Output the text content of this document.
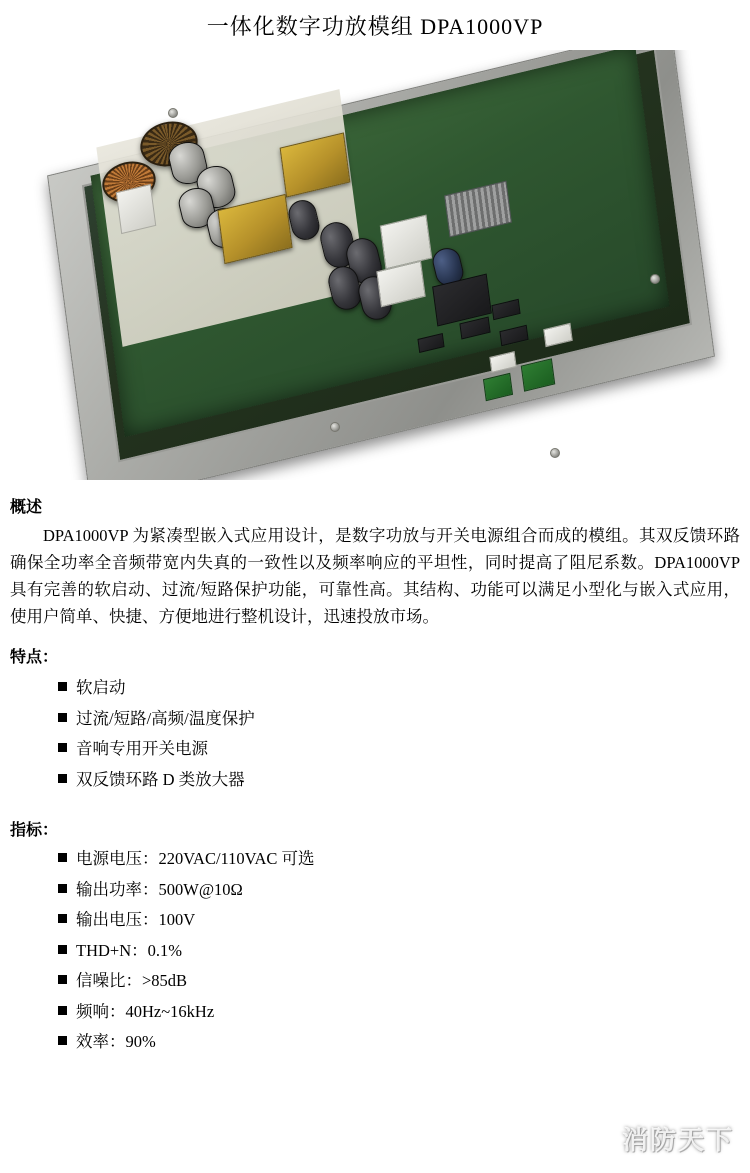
一体化数字功放模组 DPA1000VP
概述

DPA1000VP 为紧凑型嵌入式应用设计，是数字功放与开关电源组合而成的模组。其双反馈环路确保全功率全音频带宽内失真的一致性以及频率响应的平坦性，同时提高了阻尼系数。DPA1000VP 具有完善的软启动、过流/短路保护功能，可靠性高。其结构、功能可以满足小型化与嵌入式应用，使用户简单、快捷、方便地进行整机设计，迅速投放市场。

特点：
软启动
过流/短路/高频/温度保护
音响专用开关电源
双反馈环路 D 类放大器
指标：
电源电压：220VAC/110VAC 可选
输出功率：500W@10Ω
输出电压：100V
THD+N：0.1%
信噪比：>85dB
频响：40Hz~16kHz
效率：90%
消防天下
